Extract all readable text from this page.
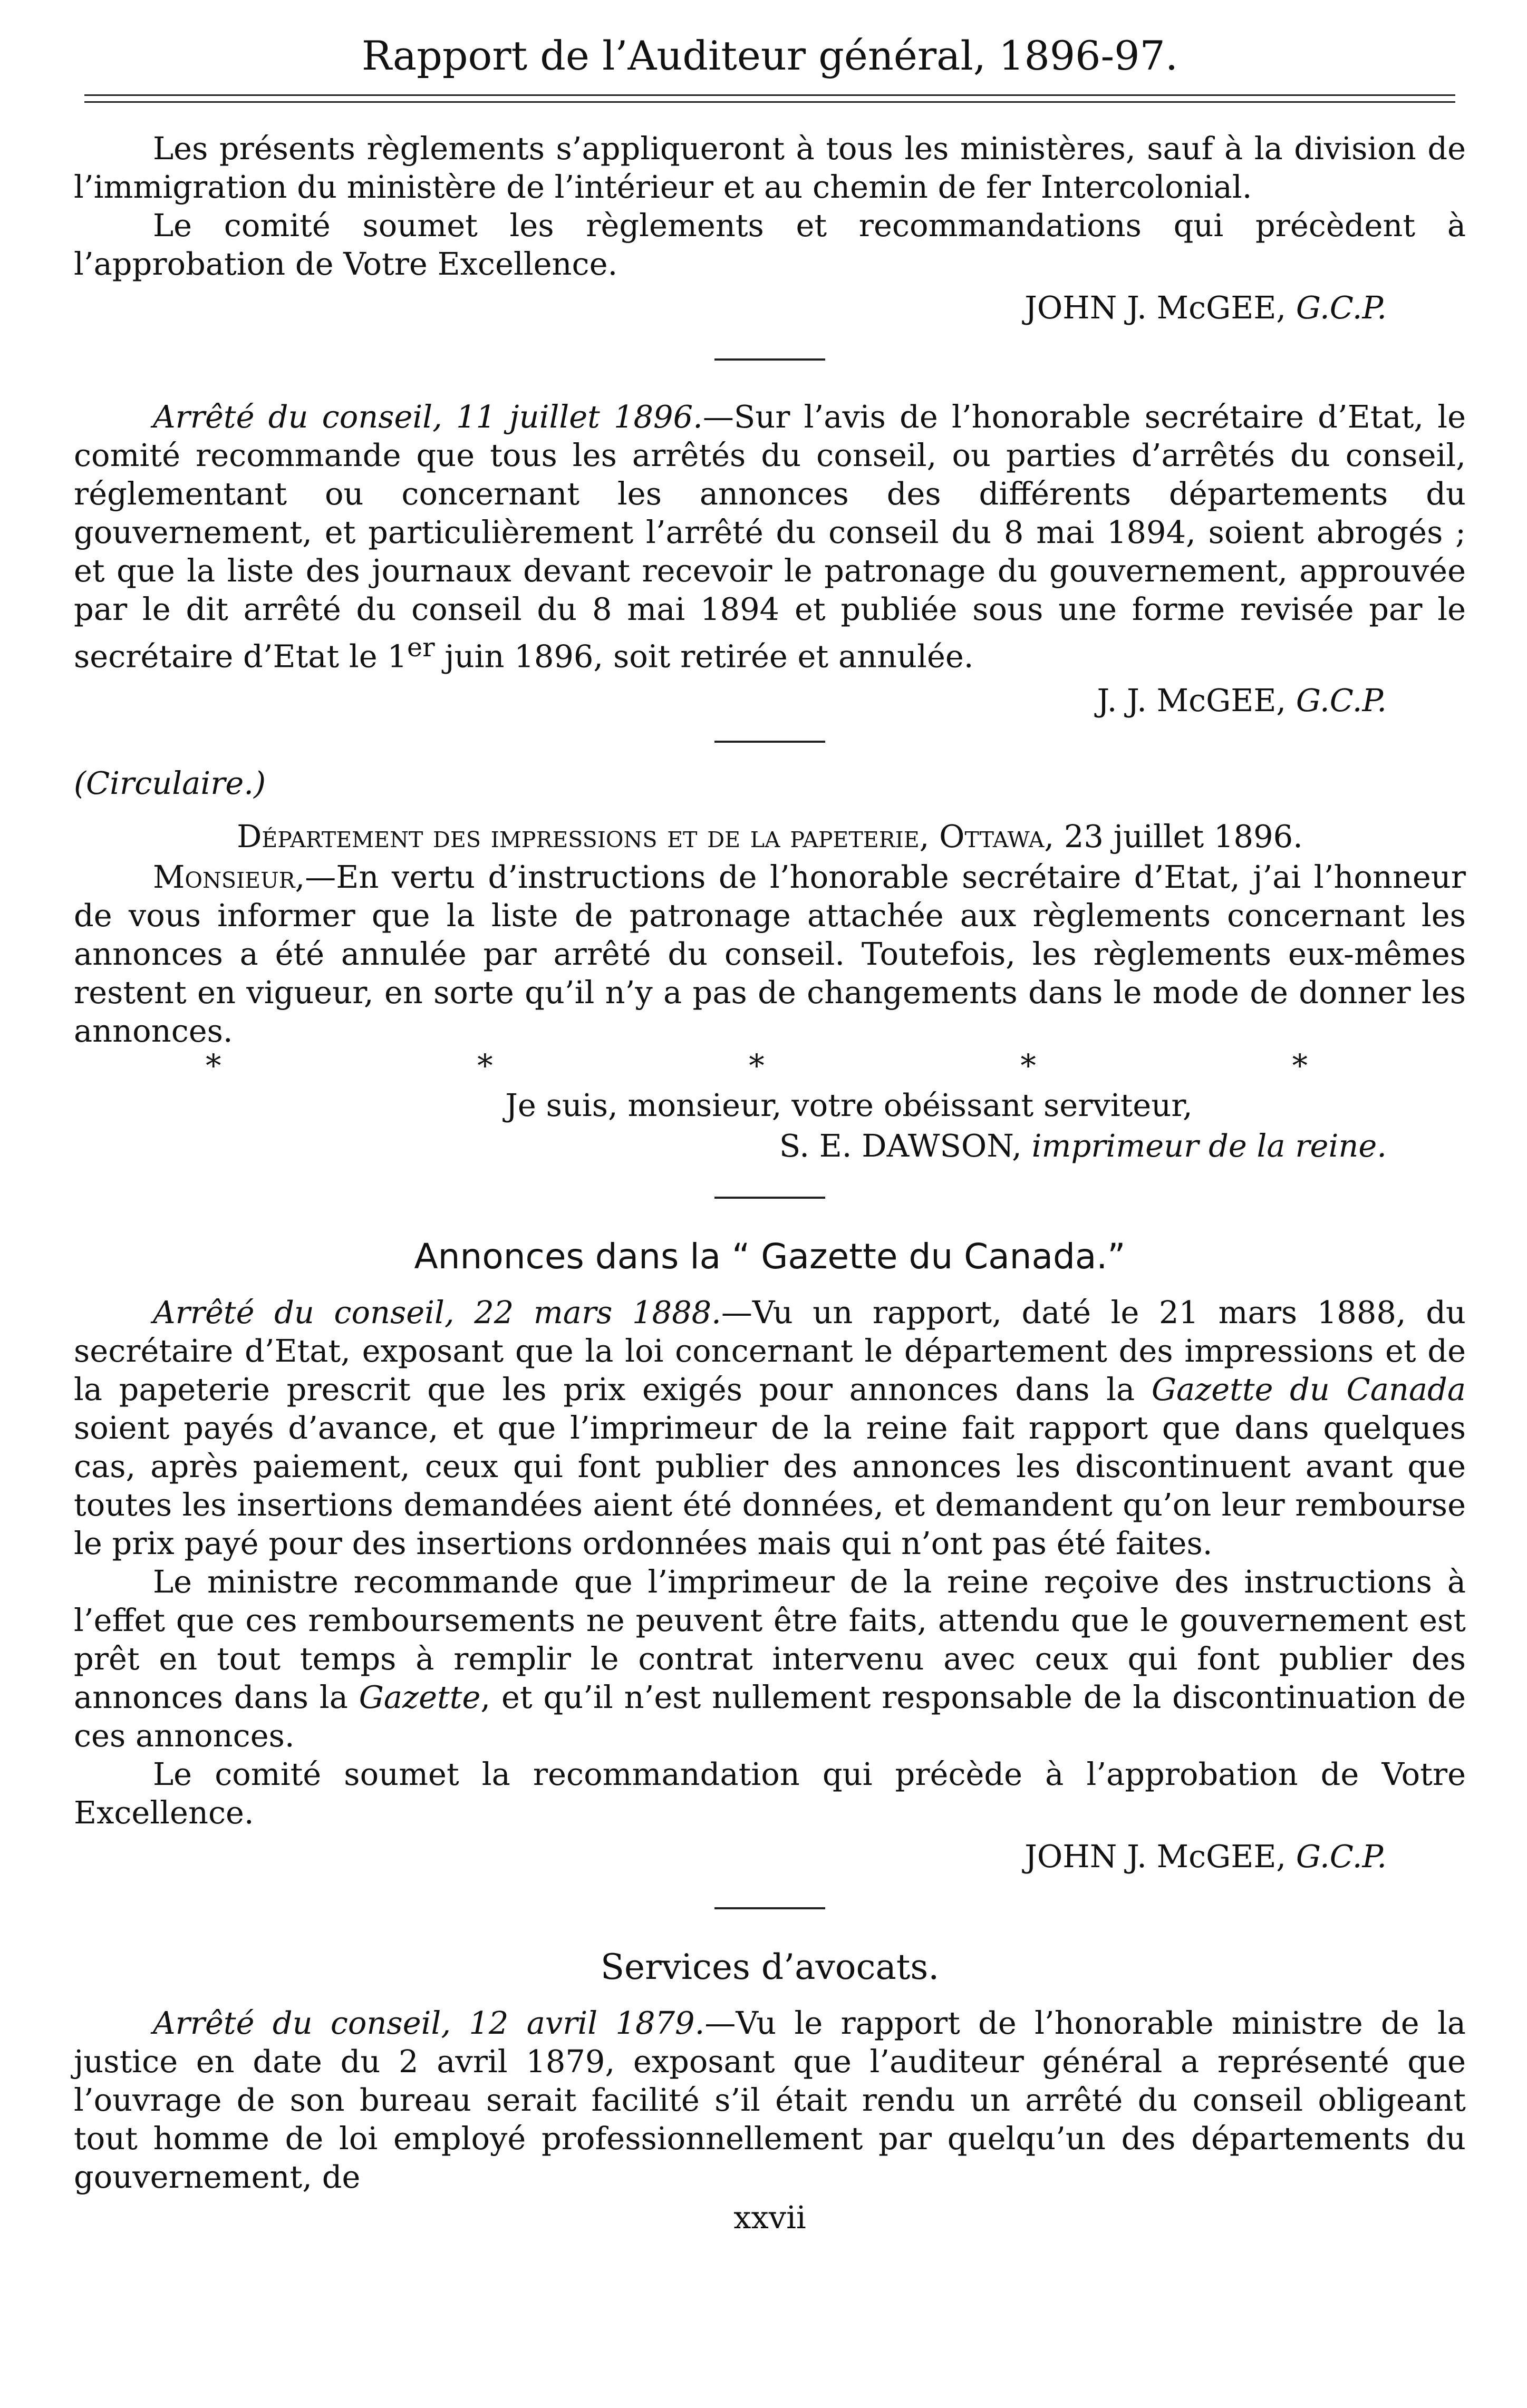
Rapport de l’Auditeur général, 1896-97.

Les présents règlements s’appliqueront à tous les ministères, sauf à la division de l’immigration du ministère de l’intérieur et au chemin de fer Intercolonial.

Le comité soumet les règlements et recommandations qui précèdent à l’approbation de Votre Excellence.

JOHN J. McGEE, G.C.P.

Arrêté du conseil, 11 juillet 1896.—Sur l’avis de l’honorable secrétaire d’Etat, le comité recommande que tous les arrêtés du conseil, ou parties d’arrêtés du conseil, réglementant ou concernant les annonces des différents départements du gouvernement, et particulièrement l’arrêté du conseil du 8 mai 1894, soient abrogés ; et que la liste des journaux devant recevoir le patronage du gouvernement, approuvée par le dit arrêté du conseil du 8 mai 1894 et publiée sous une forme revisée par le secrétaire d’Etat le 1er juin 1896, soit retirée et annulée.

J. J. McGEE, G.C.P.
(Circulaire.)
Département des impressions et de la papeterie, Ottawa, 23 juillet 1896.

Monsieur,—En vertu d’instructions de l’honorable secrétaire d’Etat, j’ai l’honneur de vous informer que la liste de patronage attachée aux règlements concernant les annonces a été annulée par arrêté du conseil. Toutefois, les règlements eux-mêmes restent en vigueur, en sorte qu’il n’y a pas de changements dans le mode de donner les annonces.

*	*	*	*	*
Je suis, monsieur, votre obéissant serviteur,
S. E. DAWSON, imprimeur de la reine.
Annonces dans la “ Gazette du Canada.”

Arrêté du conseil, 22 mars 1888.—Vu un rapport, daté le 21 mars 1888, du secrétaire d’Etat, exposant que la loi concernant le département des impressions et de la papeterie prescrit que les prix exigés pour annonces dans la Gazette du Canada soient payés d’avance, et que l’imprimeur de la reine fait rapport que dans quelques cas, après paiement, ceux qui font publier des annonces les discontinuent avant que toutes les insertions demandées aient été données, et demandent qu’on leur rembourse le prix payé pour des insertions ordonnées mais qui n’ont pas été faites.

Le ministre recommande que l’imprimeur de la reine reçoive des instructions à l’effet que ces remboursements ne peuvent être faits, attendu que le gouvernement est prêt en tout temps à remplir le contrat intervenu avec ceux qui font publier des annonces dans la Gazette, et qu’il n’est nullement responsable de la discontinuation de ces annonces.

Le comité soumet la recommandation qui précède à l’approbation de Votre Excellence.

JOHN J. McGEE, G.C.P.
Services d’avocats.

Arrêté du conseil, 12 avril 1879.—Vu le rapport de l’honorable ministre de la justice en date du 2 avril 1879, exposant que l’auditeur général a représenté que l’ouvrage de son bureau serait facilité s’il était rendu un arrêté du conseil obligeant tout homme de loi employé professionnellement par quelqu’un des départements du gouvernement, de

xxvii
